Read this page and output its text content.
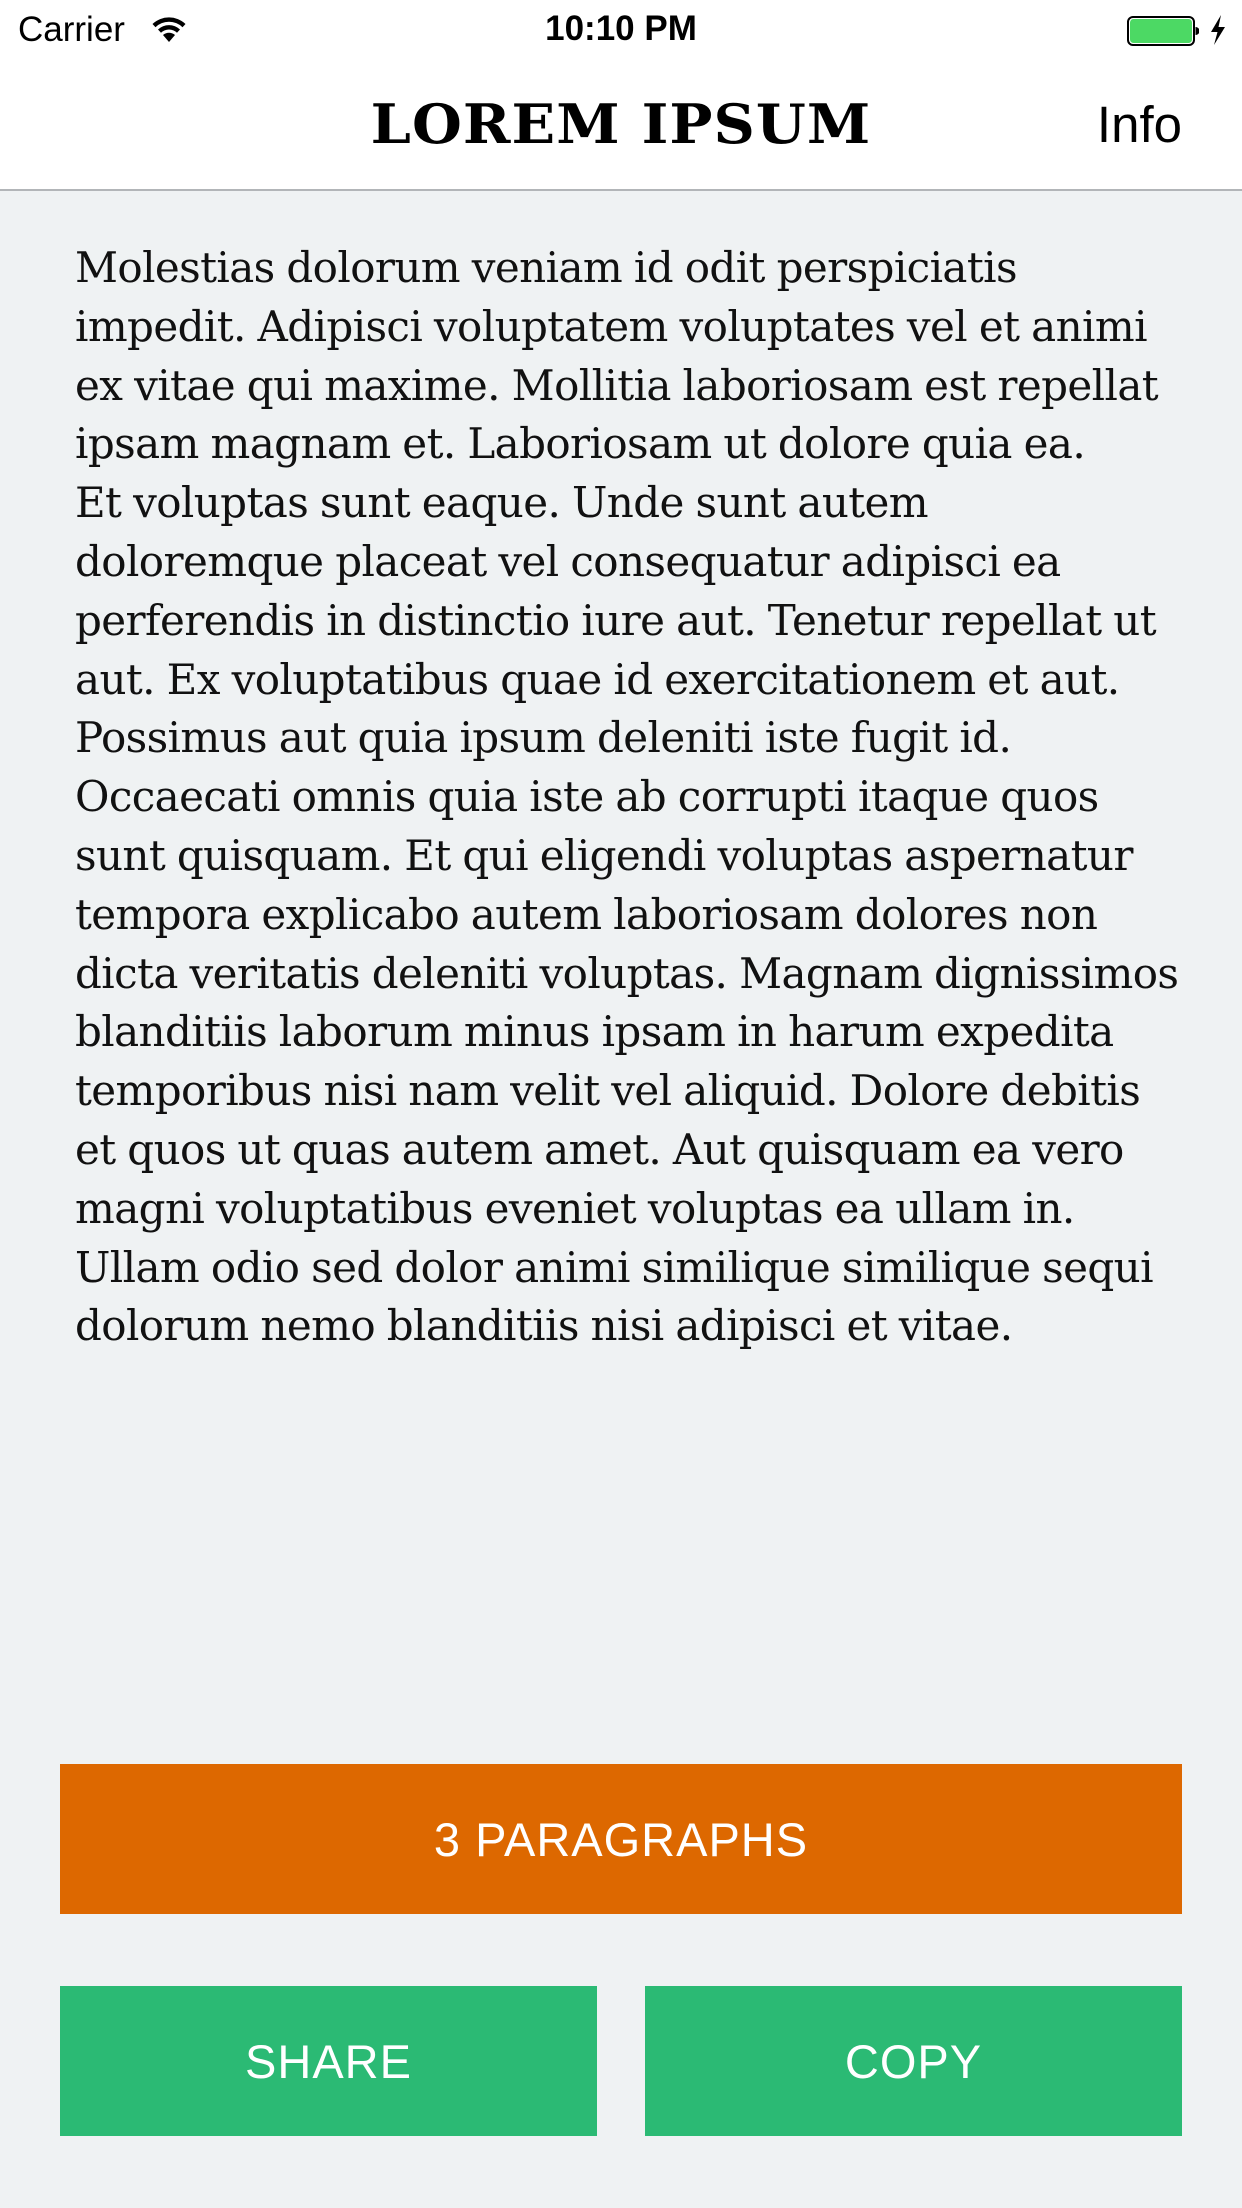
Carrier	10:10 PM
LOREM IPSUM	Info

Molestias dolorum veniam id odit perspiciatis impedit. Adipisci voluptatem voluptates vel et animi ex vitae qui maxime. Mollitia laboriosam est repellat ipsam magnam et. Laboriosam ut dolore quia ea.

Et voluptas sunt eaque. Unde sunt autem doloremque placeat vel consequatur adipisci ea perferendis in distinctio iure aut. Tenetur repellat ut aut. Ex voluptatibus quae id exercitationem et aut.

Possimus aut quia ipsum deleniti iste fugit id. Occaecati omnis quia iste ab corrupti itaque quos sunt quisquam. Et qui eligendi voluptas aspernatur tempora explicabo autem laboriosam dolores non dicta veritatis deleniti voluptas. Magnam dignissimos blanditiis laborum minus ipsam in harum expedita temporibus nisi nam velit vel aliquid. Dolore debitis et quos ut quas autem amet. Aut quisquam ea vero magni voluptatibus eveniet voluptas ea ullam in. Ullam odio sed dolor animi similique similique sequi dolorum nemo blanditiis nisi adipisci et vitae.

3 PARAGRAPHS
SHARE	COPY
